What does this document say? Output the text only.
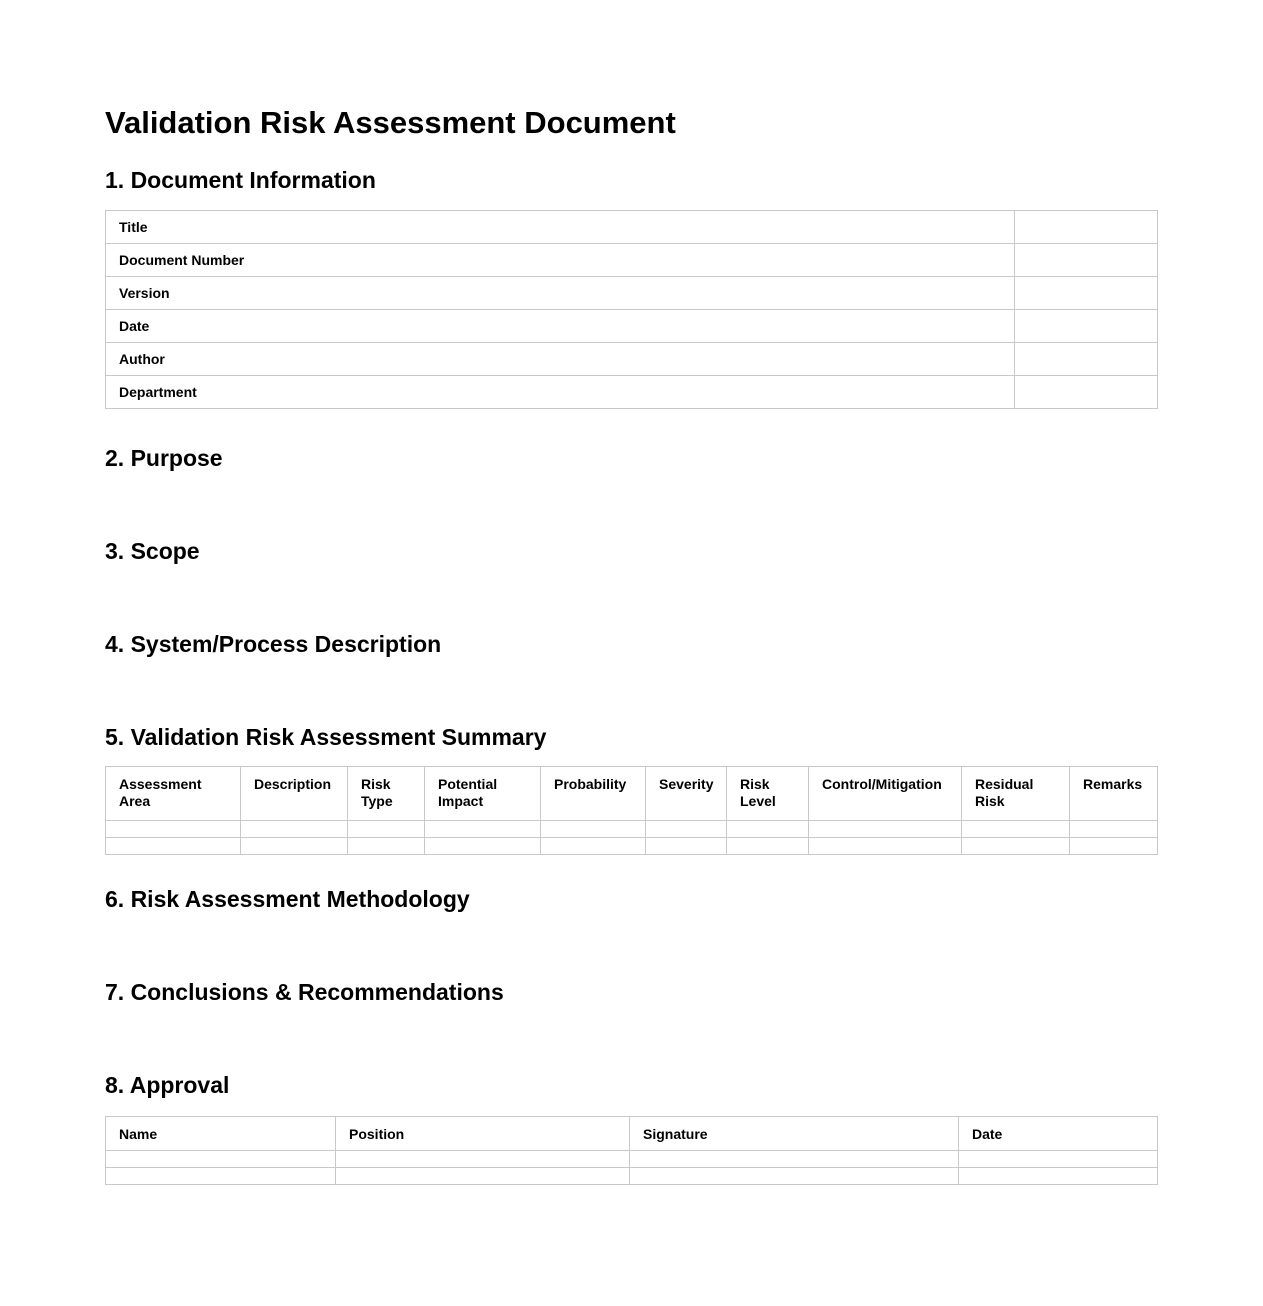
Validation Risk Assessment Document
1. Document Information
Title	
Document Number	
Version	
Date	
Author	
Department	
2. Purpose
3. Scope
4. System/Process Description
5. Validation Risk Assessment Summary
Assessment Area	Description	Risk Type	Potential Impact	Probability	Severity	Risk Level	Control/Mitigation	Residual Risk	Remarks

6. Risk Assessment Methodology
7. Conclusions & Recommendations
8. Approval
Name	Position	Signature	Date
